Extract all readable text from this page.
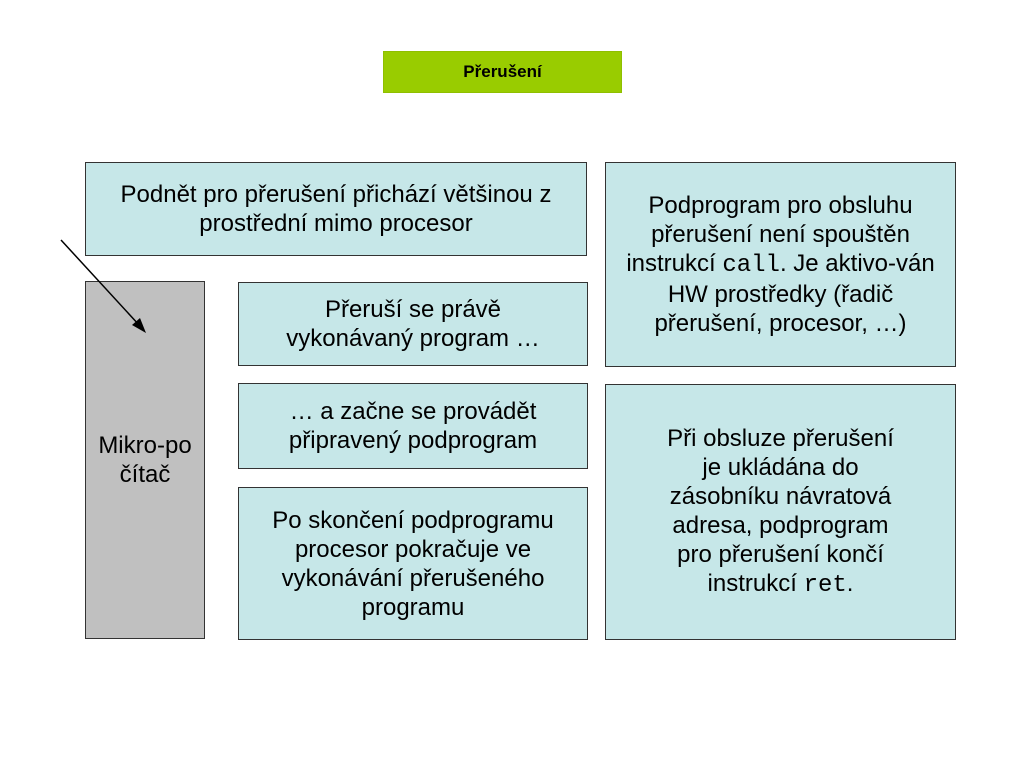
Přerušení
Podnět pro přerušení přichází většinou z prostřední mimo procesor
Mikro-počítač
Přeruší se právě vykonávaný program …
… a začne se provádět připravený podprogram
Po skončení podprogramu procesor pokračuje ve vykonávání přerušeného programu
Podprogram pro obsluhu přerušení není spouštěn instrukcí call. Je aktivo-ván HW prostředky (řadič přerušení, procesor, …)
Při obsluze přerušení je ukládána do zásobníku návratová adresa, podprogram pro přerušení končí instrukcí ret.
